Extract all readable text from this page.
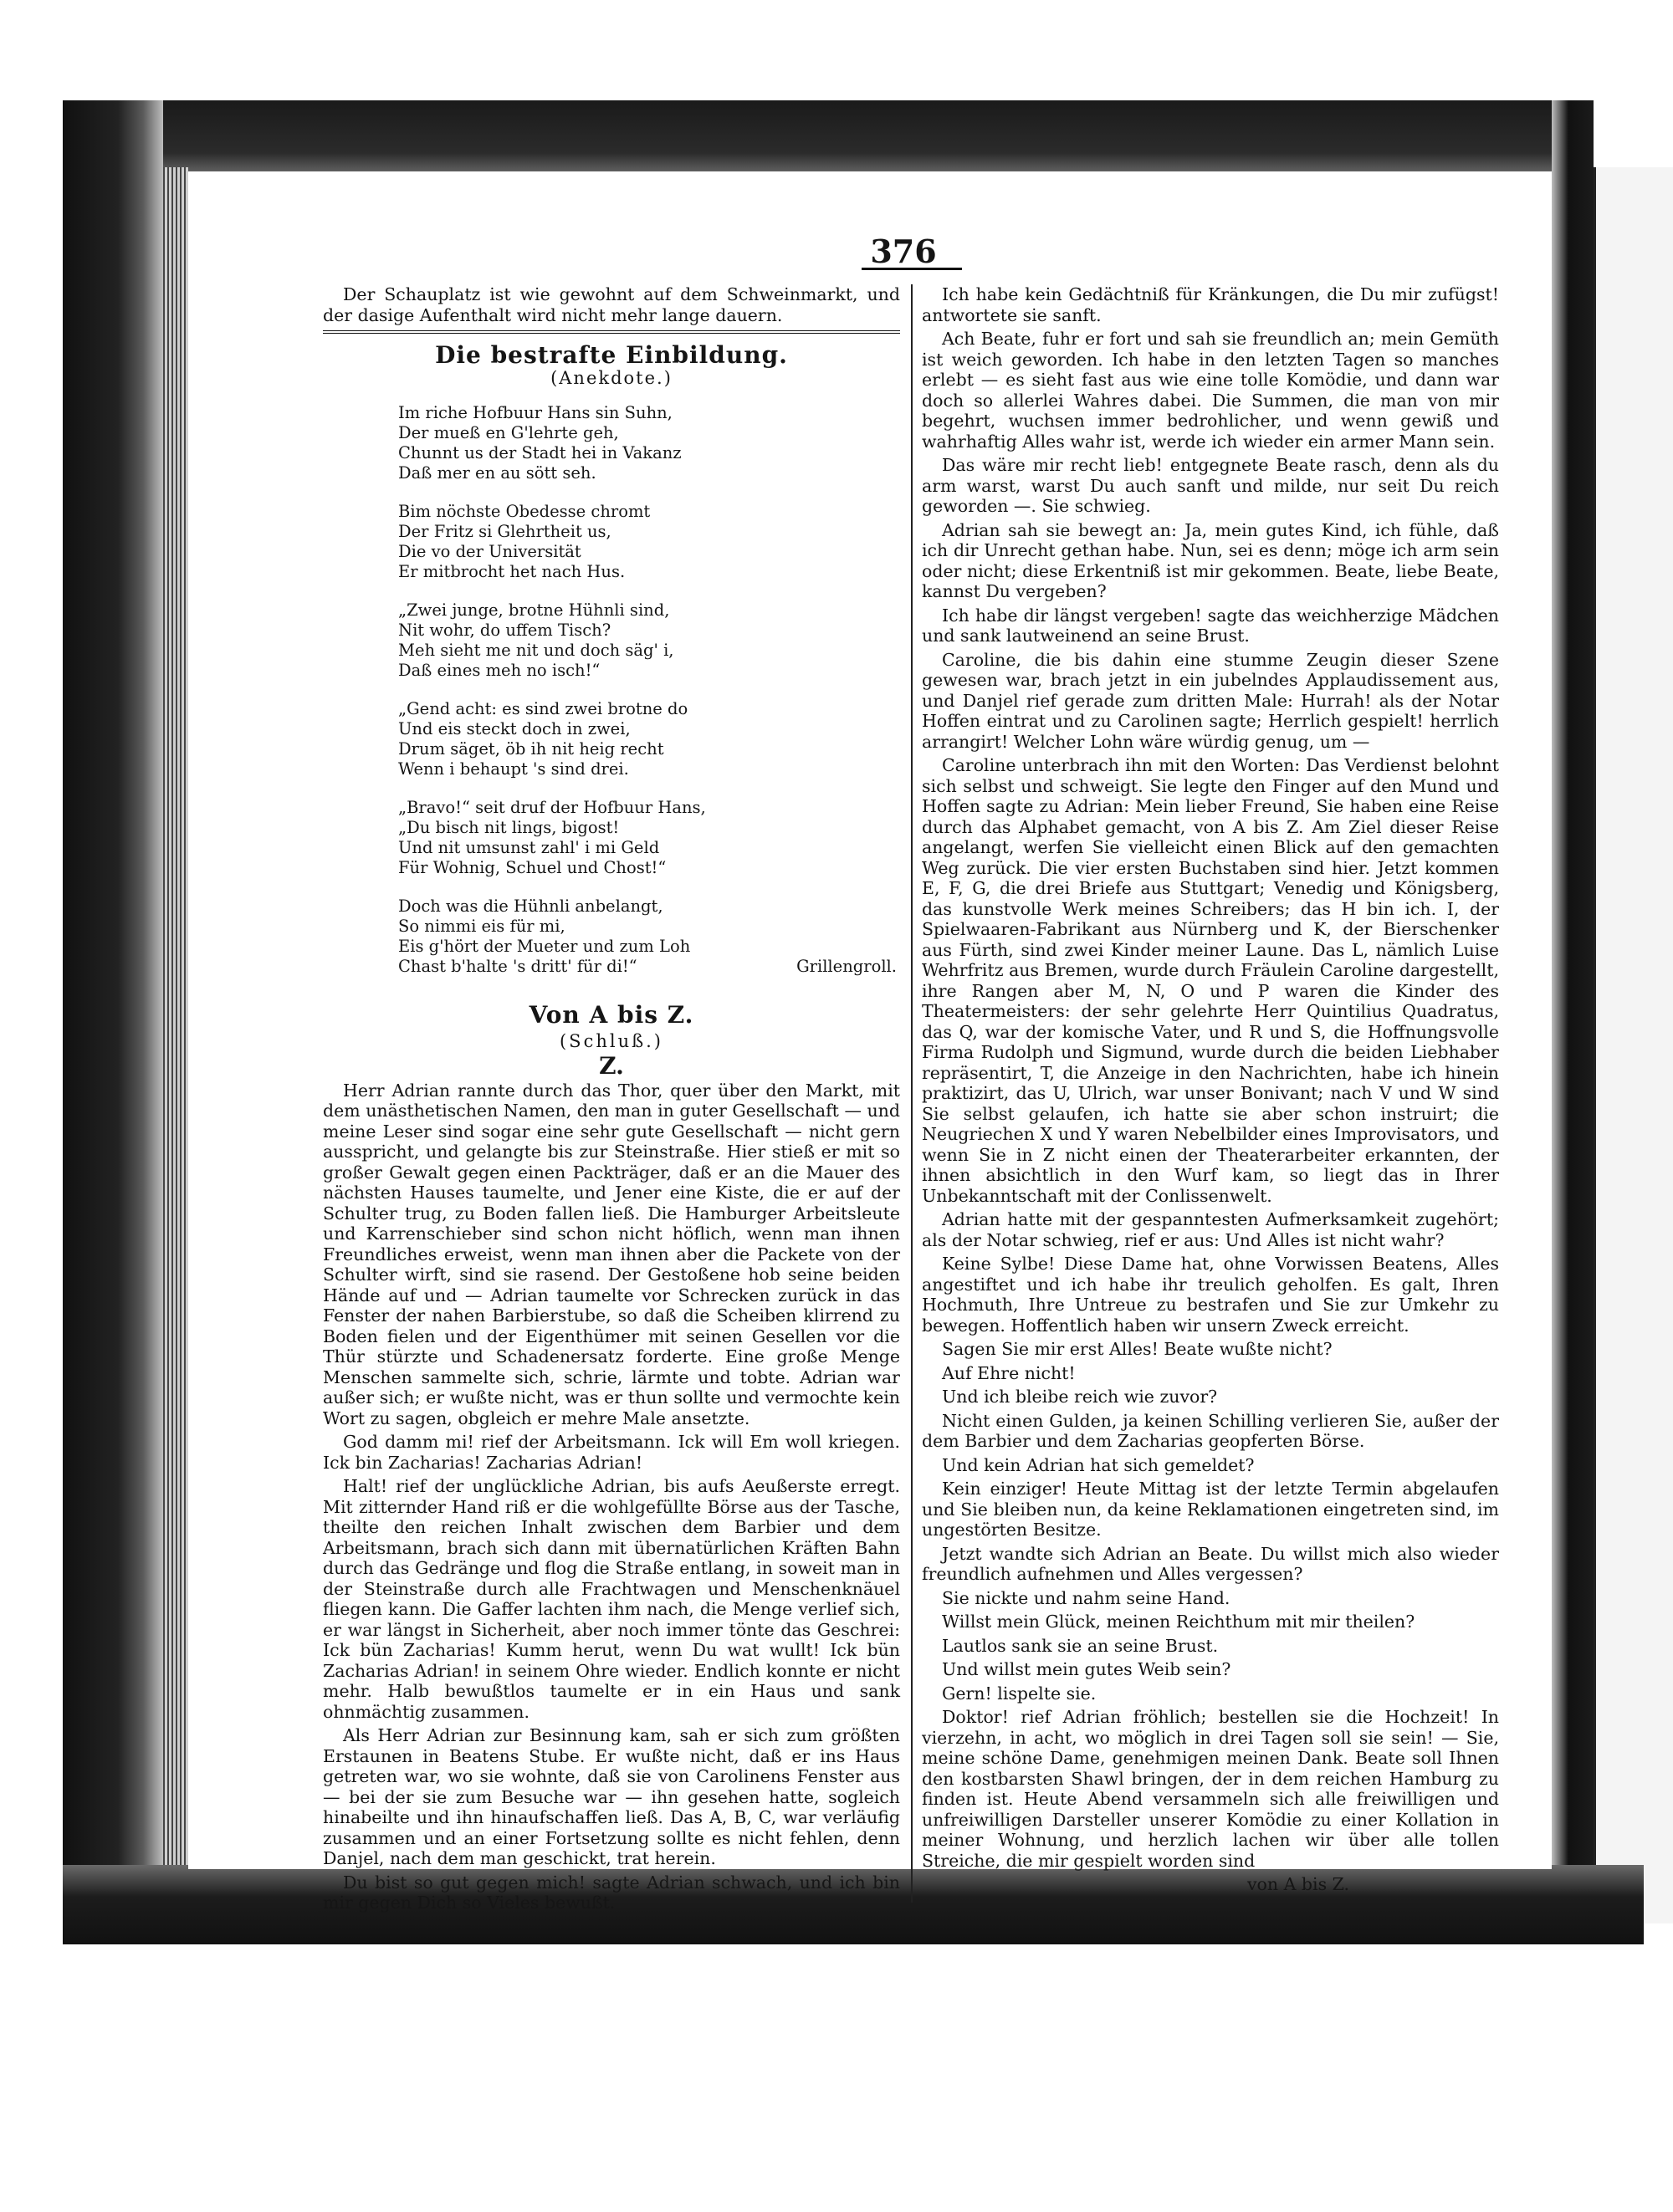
376

Der Schauplatz ist wie gewohnt auf dem Schweinmarkt, und der dasige Aufenthalt wird nicht mehr lange dauern.

Die bestrafte Einbildung.
(Anekdote.)
Im riche Hofbuur Hans sin Suhn,
Der mueß en G'lehrte geh,
Chunnt us der Stadt hei in Vakanz
Daß mer en au sött seh.
Bim nöchste Obedesse chromt
Der Fritz si Glehrtheit us,
Die vo der Universität
Er mitbrocht het nach Hus.
„Zwei junge, brotne Hühnli sind,
Nit wohr, do uffem Tisch?
Meh sieht me nit und doch säg' i,
Daß eines meh no isch!“
„Gend acht: es sind zwei brotne do
Und eis steckt doch in zwei,
Drum säget, öb ih nit heig recht
Wenn i behaupt 's sind drei.
„Bravo!“ seit druf der Hofbuur Hans,
„Du bisch nit lings, bigost!
Und nit umsunst zahl' i mi Geld
Für Wohnig, Schuel und Chost!“
Doch was die Hühnli anbelangt,
So nimmi eis für mi,
Eis g'hört der Mueter und zum Loh
Chast b'halte 's dritt' für di!“	Grillengroll.
Von A bis Z.
(Schluß.)
Z.

Herr Adrian rannte durch das Thor, quer über den Markt, mit dem unästhetischen Namen, den man in guter Gesellschaft — und meine Leser sind sogar eine sehr gute Gesellschaft — nicht gern ausspricht, und gelangte bis zur Steinstraße. Hier stieß er mit so großer Gewalt gegen einen Packträger, daß er an die Mauer des nächsten Hauses taumelte, und Jener eine Kiste, die er auf der Schulter trug, zu Boden fallen ließ. Die Hamburger Arbeitsleute und Karrenschieber sind schon nicht höflich, wenn man ihnen Freundliches erweist, wenn man ihnen aber die Packete von der Schulter wirft, sind sie rasend. Der Gestoßene hob seine beiden Hände auf und — Adrian taumelte vor Schrecken zurück in das Fenster der nahen Barbierstube, so daß die Scheiben klirrend zu Boden fielen und der Eigenthümer mit seinen Gesellen vor die Thür stürzte und Schadenersatz forderte. Eine große Menge Menschen sammelte sich, schrie, lärmte und tobte. Adrian war außer sich; er wußte nicht, was er thun sollte und vermochte kein Wort zu sagen, obgleich er mehre Male ansetzte.

God damm mi! rief der Arbeitsmann. Ick will Em woll kriegen. Ick bin Zacharias! Zacharias Adrian!

Halt! rief der unglückliche Adrian, bis aufs Aeußerste erregt. Mit zitternder Hand riß er die wohlgefüllte Börse aus der Tasche, theilte den reichen Inhalt zwischen dem Barbier und dem Arbeitsmann, brach sich dann mit übernatürlichen Kräften Bahn durch das Gedränge und flog die Straße entlang, in soweit man in der Steinstraße durch alle Frachtwagen und Menschenknäuel fliegen kann. Die Gaffer lachten ihm nach, die Menge verlief sich, er war längst in Sicherheit, aber noch immer tönte das Geschrei: Ick bün Zacharias! Kumm herut, wenn Du wat wullt! Ick bün Zacharias Adrian! in seinem Ohre wieder. Endlich konnte er nicht mehr. Halb bewußtlos taumelte er in ein Haus und sank ohnmächtig zusammen.

Als Herr Adrian zur Besinnung kam, sah er sich zum größten Erstaunen in Beatens Stube. Er wußte nicht, daß er ins Haus getreten war, wo sie wohnte, daß sie von Carolinens Fenster aus — bei der sie zum Besuche war — ihn gesehen hatte, sogleich hinabeilte und ihn hinaufschaffen ließ. Das A, B, C, war verläufig zusammen und an einer Fortsetzung sollte es nicht fehlen, denn Danjel, nach dem man geschickt, trat herein.

Du bist so gut gegen mich! sagte Adrian schwach, und ich bin mir gegen Dich so Vieles bewußt.

Ich habe kein Gedächtniß für Kränkungen, die Du mir zufügst! antwortete sie sanft.

Ach Beate, fuhr er fort und sah sie freundlich an; mein Gemüth ist weich geworden. Ich habe in den letzten Tagen so manches erlebt — es sieht fast aus wie eine tolle Komödie, und dann war doch so allerlei Wahres dabei. Die Summen, die man von mir begehrt, wuchsen immer bedrohlicher, und wenn gewiß und wahrhaftig Alles wahr ist, werde ich wieder ein armer Mann sein.

Das wäre mir recht lieb! entgegnete Beate rasch, denn als du arm warst, warst Du auch sanft und milde, nur seit Du reich geworden —. Sie schwieg.

Adrian sah sie bewegt an: Ja, mein gutes Kind, ich fühle, daß ich dir Unrecht gethan habe. Nun, sei es denn; möge ich arm sein oder nicht; diese Erkentniß ist mir gekommen. Beate, liebe Beate, kannst Du vergeben?

Ich habe dir längst vergeben! sagte das weichherzige Mädchen und sank lautweinend an seine Brust.

Caroline, die bis dahin eine stumme Zeugin dieser Szene gewesen war, brach jetzt in ein jubelndes Applaudissement aus, und Danjel rief gerade zum dritten Male: Hurrah! als der Notar Hoffen eintrat und zu Carolinen sagte; Herrlich gespielt! herrlich arrangirt! Welcher Lohn wäre würdig genug, um —

Caroline unterbrach ihn mit den Worten: Das Verdienst belohnt sich selbst und schweigt. Sie legte den Finger auf den Mund und Hoffen sagte zu Adrian: Mein lieber Freund, Sie haben eine Reise durch das Alphabet gemacht, von A bis Z. Am Ziel dieser Reise angelangt, werfen Sie vielleicht einen Blick auf den gemachten Weg zurück. Die vier ersten Buchstaben sind hier. Jetzt kommen E, F, G, die drei Briefe aus Stuttgart; Venedig und Königsberg, das kunstvolle Werk meines Schreibers; das H bin ich. I, der Spielwaaren-Fabrikant aus Nürnberg und K, der Bierschenker aus Fürth, sind zwei Kinder meiner Laune. Das L, nämlich Luise Wehrfritz aus Bremen, wurde durch Fräulein Caroline dargestellt, ihre Rangen aber M, N, O und P waren die Kinder des Theatermeisters: der sehr gelehrte Herr Quintilius Quadratus, das Q, war der komische Vater, und R und S, die Hoffnungsvolle Firma Rudolph und Sigmund, wurde durch die beiden Liebhaber repräsentirt, T, die Anzeige in den Nachrichten, habe ich hinein praktizirt, das U, Ulrich, war unser Bonivant; nach V und W sind Sie selbst gelaufen, ich hatte sie aber schon instruirt; die Neugriechen X und Y waren Nebelbilder eines Improvisators, und wenn Sie in Z nicht einen der Theaterarbeiter erkannten, der ihnen absichtlich in den Wurf kam, so liegt das in Ihrer Unbekanntschaft mit der Conlissenwelt.

Adrian hatte mit der gespanntesten Aufmerksamkeit zugehört; als der Notar schwieg, rief er aus: Und Alles ist nicht wahr?

Keine Sylbe! Diese Dame hat, ohne Vorwissen Beatens, Alles angestiftet und ich habe ihr treulich geholfen. Es galt, Ihren Hochmuth, Ihre Untreue zu bestrafen und Sie zur Umkehr zu bewegen. Hoffentlich haben wir unsern Zweck erreicht.

Sagen Sie mir erst Alles! Beate wußte nicht?

Auf Ehre nicht!

Und ich bleibe reich wie zuvor?

Nicht einen Gulden, ja keinen Schilling verlieren Sie, außer der dem Barbier und dem Zacharias geopferten Börse.

Und kein Adrian hat sich gemeldet?

Kein einziger! Heute Mittag ist der letzte Termin abgelaufen und Sie bleiben nun, da keine Reklamationen eingetreten sind, im ungestörten Besitze.

Jetzt wandte sich Adrian an Beate. Du willst mich also wieder freundlich aufnehmen und Alles vergessen?

Sie nickte und nahm seine Hand.

Willst mein Glück, meinen Reichthum mit mir theilen?

Lautlos sank sie an seine Brust.

Und willst mein gutes Weib sein?

Gern! lispelte sie.

Doktor! rief Adrian fröhlich; bestellen sie die Hochzeit! In vierzehn, in acht, wo möglich in drei Tagen soll sie sein! — Sie, meine schöne Dame, genehmigen meinen Dank. Beate soll Ihnen den kostbarsten Shawl bringen, der in dem reichen Hamburg zu finden ist. Heute Abend versammeln sich alle freiwilligen und unfreiwilligen Darsteller unserer Komödie zu einer Kollation in meiner Wohnung, und herzlich lachen wir über alle tollen Streiche, die mir gespielt worden sind

von A bis Z.
